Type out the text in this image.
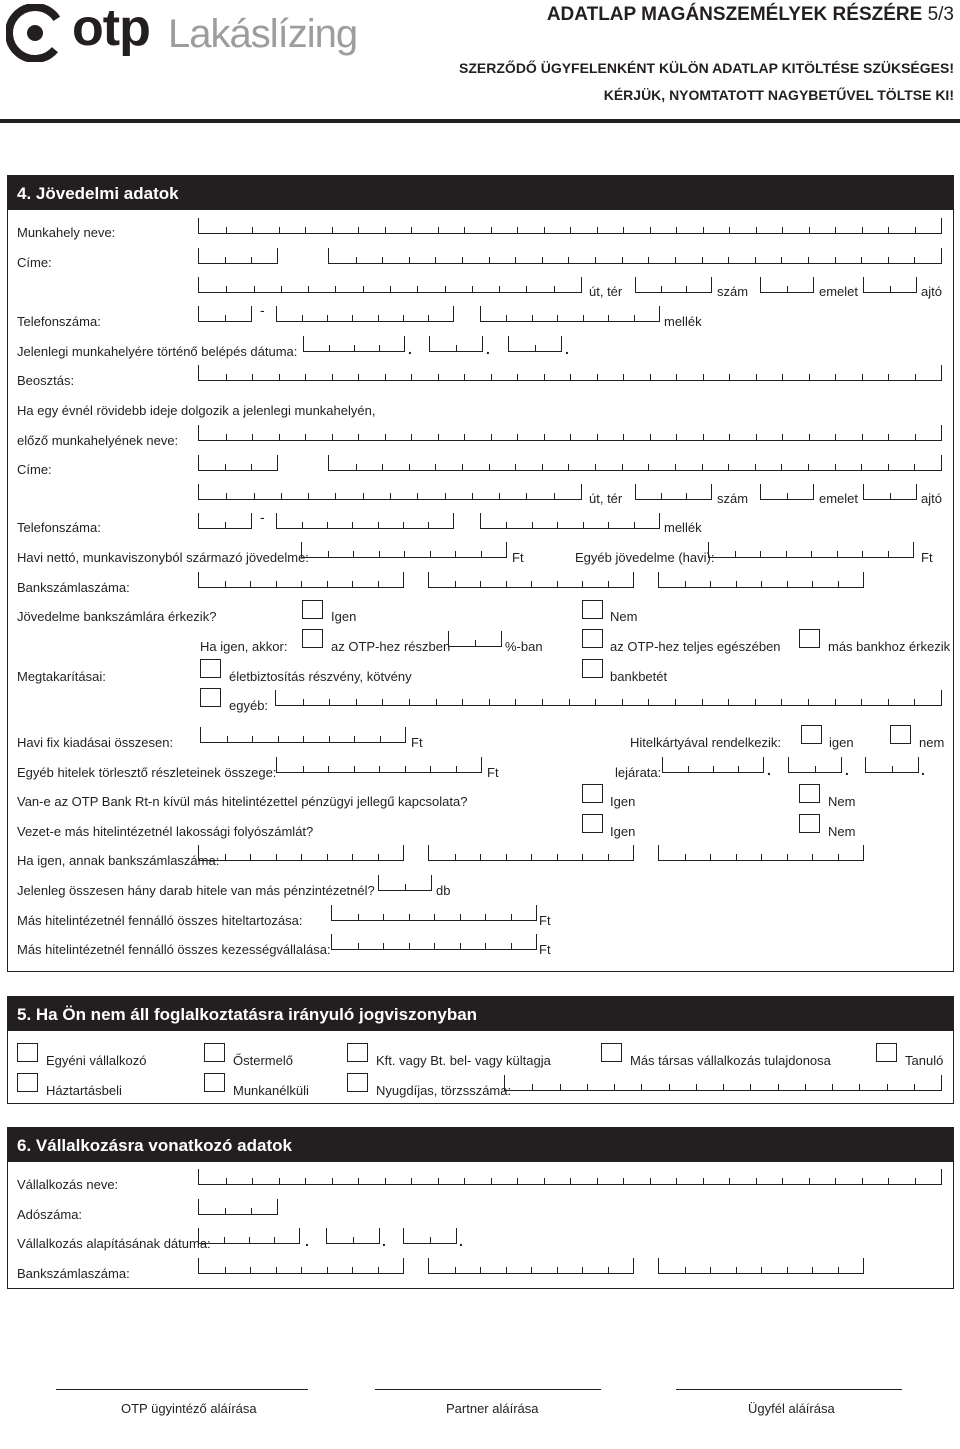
otp Lakáslízing	ADATLAP MAGÁNSZEMÉLYEK RÉSZÉRE 5/3
SZERZŐDŐ ÜGYFELENKÉNT KÜLÖN ADATLAP KITÖLTÉSE SZÜKSÉGES!
KÉRJÜK, NYOMTATOTT NAGYBETŰVEL TÖLTSE KI!
4. Jövedelmi adatok
Munkahely neve:
Címe:
út, tér	szám	emelet	ajtó
Telefonszáma:
-
mellék
Jelenlegi munkahelyére történő belépés dátuma:	.	.	.
Beosztás:
Ha egy évnél rövidebb ideje dolgozik a jelenlegi munkahelyén,
előző munkahelyének neve:
Címe:
út, tér	szám	emelet	ajtó
Telefonszáma:
-
mellék
Havi nettó, munkaviszonyból származó jövedelme:	Ft	Egyéb jövedelme (havi):	Ft
Bankszámlaszáma:
Jövedelme bankszámlára érkezik?	Igen	Nem
Ha igen, akkor:	az OTP-hez részben	%-ban	az OTP-hez teljes egészében	más bankhoz érkezik
Megtakarításai:	életbiztosítás részvény, kötvény	bankbetét
egyéb:
Havi fix kiadásai összesen:	Ft	Hitelkártyával rendelkezik:	igen	nem
Egyéb hitelek törlesztő részleteinek összege:	Ft	lejárata:	.	.	.
Van-e az OTP Bank Rt-n kívül más hitelintézettel pénzügyi jellegű kapcsolata?	Igen	Nem
Vezet-e más hitelintézetnél lakossági folyószámlát?	Igen	Nem
Ha igen, annak bankszámlaszáma:
Jelenleg összesen hány darab hitele van más pénzintézetnél?	db
Más hitelintézetnél fennálló összes hiteltartozása:	Ft
Más hitelintézetnél fennálló összes kezességvállalása:	Ft
5. Ha Ön nem áll foglalkoztatásra irányuló jogviszonyban
Egyéni vállalkozó	Őstermelő	Kft. vagy Bt. bel- vagy kültagja	Más társas vállalkozás tulajdonosa	Tanuló
Háztartásbeli	Munkanélküli	Nyugdíjas, törzsszáma:
6. Vállalkozásra vonatkozó adatok
Vállalkozás neve:
Adószáma:
Vállalkozás alapításának dátuma:	.	.	.
Bankszámlaszáma:
OTP ügyintéző aláírása	Partner aláírása	Ügyfél aláírása
